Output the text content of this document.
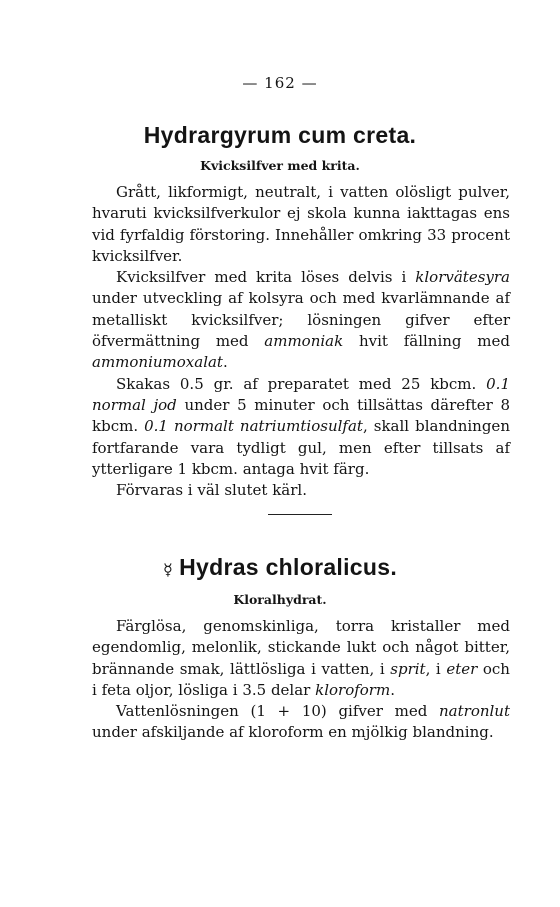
— 162 —
Hydrargyrum cum creta.
Kvicksilfver med krita.

Grått, likformigt, neutralt, i vatten olösligt pulver, hvaruti kvicksilfverkulor ej skola kunna iakttagas ens vid fyrfaldig förstoring. Innehåller omkring 33 procent kvicksilfver.

Kvicksilfver med krita löses delvis i klorvätesyra under utveckling af kolsyra och med kvarlämnande af metalliskt kvicksilfver; lösningen gifver efter öfvermättning med ammoniak hvit fällning med ammoniumoxalat.

Skakas 0.5 gr. af preparatet med 25 kbcm. 0.1 normal jod under 5 minuter och tillsättas därefter 8 kbcm. 0.1 normalt natriumtiosulfat, skall blandningen fortfarande vara tydligt gul, men efter tillsats af ytterligare 1 kbcm. antaga hvit färg.

Förvaras i väl slutet kärl.

☿ Hydras chloralicus.
Kloralhydrat.

Färglösa, genomskinliga, torra kristaller med egendomlig, melonlik, stickande lukt och något bitter, brännande smak, lättlösliga i vatten, i sprit, i eter och i feta oljor, lösliga i 3.5 delar kloroform.

Vattenlösningen (1 + 10) gifver med natronlut under afskiljande af kloroform en mjölkig blandning.
